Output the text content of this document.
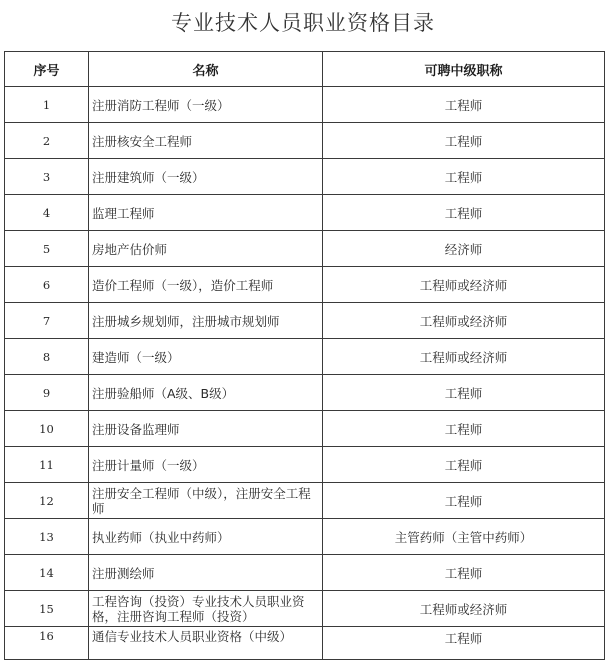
专业技术人员职业资格目录
序号	名称	可聘中级职称
1	注册消防工程师（一级）	工程师
2	注册核安全工程师	工程师
3	注册建筑师（一级）	工程师
4	监理工程师	工程师
5	房地产估价师	经济师
6	造价工程师（一级），造价工程师	工程师或经济师
7	注册城乡规划师，注册城市规划师	工程师或经济师
8	建造师（一级）	工程师或经济师
9	注册验船师（A级、B级）	工程师
10	注册设备监理师	工程师
11	注册计量师（一级）	工程师
12	注册安全工程师（中级），注册安全工程师	工程师
13	执业药师（执业中药师）	主管药师（主管中药师）
14	注册测绘师	工程师
15	工程咨询（投资）专业技术人员职业资格，注册咨询工程师（投资）	工程师或经济师
16	通信专业技术人员职业资格（中级）	工程师
